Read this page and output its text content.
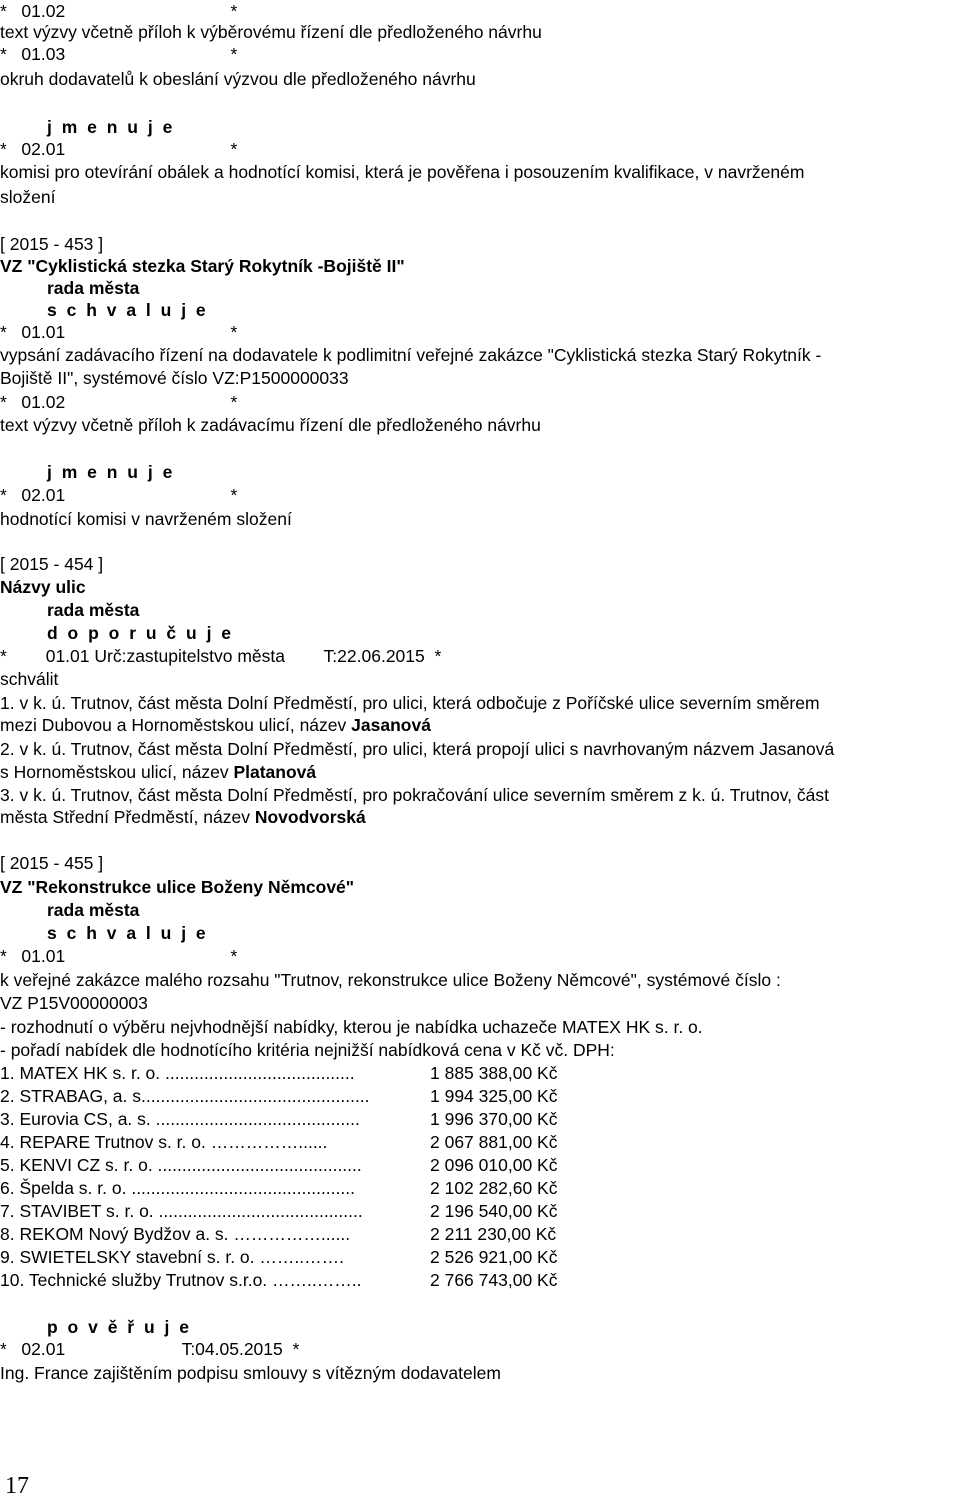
*   01.02                                  *
text výzvy včetně příloh k výběrovému řízení dle předloženého návrhu
*   01.03                                  *
okruh dodavatelů k obeslání výzvou dle předloženého návrhu
j m e n u j e
*   02.01                                  *
komisi pro otevírání obálek a hodnotící komisi, která je pověřena i posouzením kvalifikace, v navrženém
složení
[ 2015 - 453 ]
VZ "Cyklistická stezka Starý Rokytník -Bojiště II"
rada města
s c h v a l u j e
*   01.01                                  *
vypsání zadávacího řízení na dodavatele k podlimitní veřejné zakázce "Cyklistická stezka Starý Rokytník -
Bojiště II", systémové číslo VZ:P1500000033
*   01.02                                  *
text výzvy včetně příloh k zadávacímu řízení dle předloženého návrhu
j m e n u j e
*   02.01                                  *
hodnotící komisi v navrženém složení
[ 2015 - 454 ]
Názvy ulic
rada města
d o p o r u č u j e
*        01.01 Urč:zastupitelstvo města        T:22.06.2015  *
schválit
1. v k. ú. Trutnov, část města Dolní Předměstí, pro ulici, která odbočuje z Poříčské ulice severním směrem
mezi Dubovou a Hornoměstskou ulicí, název Jasanová
2. v k. ú. Trutnov, část města Dolní Předměstí, pro ulici, která propojí ulici s navrhovaným názvem Jasanová
s Hornoměstskou ulicí, název Platanová
3. v k. ú. Trutnov, část města Dolní Předměstí, pro pokračování ulice severním směrem z k. ú. Trutnov, část
města Střední Předměstí, název Novodvorská
[ 2015 - 455 ]
VZ "Rekonstrukce ulice Boženy Němcové"
rada města
s c h v a l u j e
*   01.01                                  *
k veřejné zakázce malého rozsahu "Trutnov, rekonstrukce ulice Boženy Němcové", systémové číslo :
VZ P15V00000003
- rozhodnutí o výběru nejvhodnější nabídky, kterou je nabídka uchazeče MATEX HK s. r. o.
- pořadí nabídek dle hodnotícího kritéria nejnižší nabídková cena v Kč vč. DPH:
1. MATEX HK s. r. o. .......................................	1 885 388,00 Kč
2. STRABAG, a. s...............................................	1 994 325,00 Kč
3. Eurovia CS, a. s. ..........................................	1 996 370,00 Kč
4. REPARE Trutnov s. r. o. ……………......	2 067 881,00 Kč
5. KENVI CZ s. r. o. ..........................................	2 096 010,00 Kč
6. Špelda s. r. o. ..............................................	2 102 282,60 Kč
7. STAVIBET s. r. o. ..........................................	2 196 540,00 Kč
8. REKOM Nový Bydžov a. s. ……………......	2 211 230,00 Kč
9. SWIETELSKY stavební s. r. o. ……..…….	2 526 921,00 Kč
10. Technické služby Trutnov s.r.o. ……..……..	2 766 743,00 Kč
p o v ě ř u j e
*   02.01                        T:04.05.2015  *
Ing. France zajištěním podpisu smlouvy s vítězným dodavatelem
17
